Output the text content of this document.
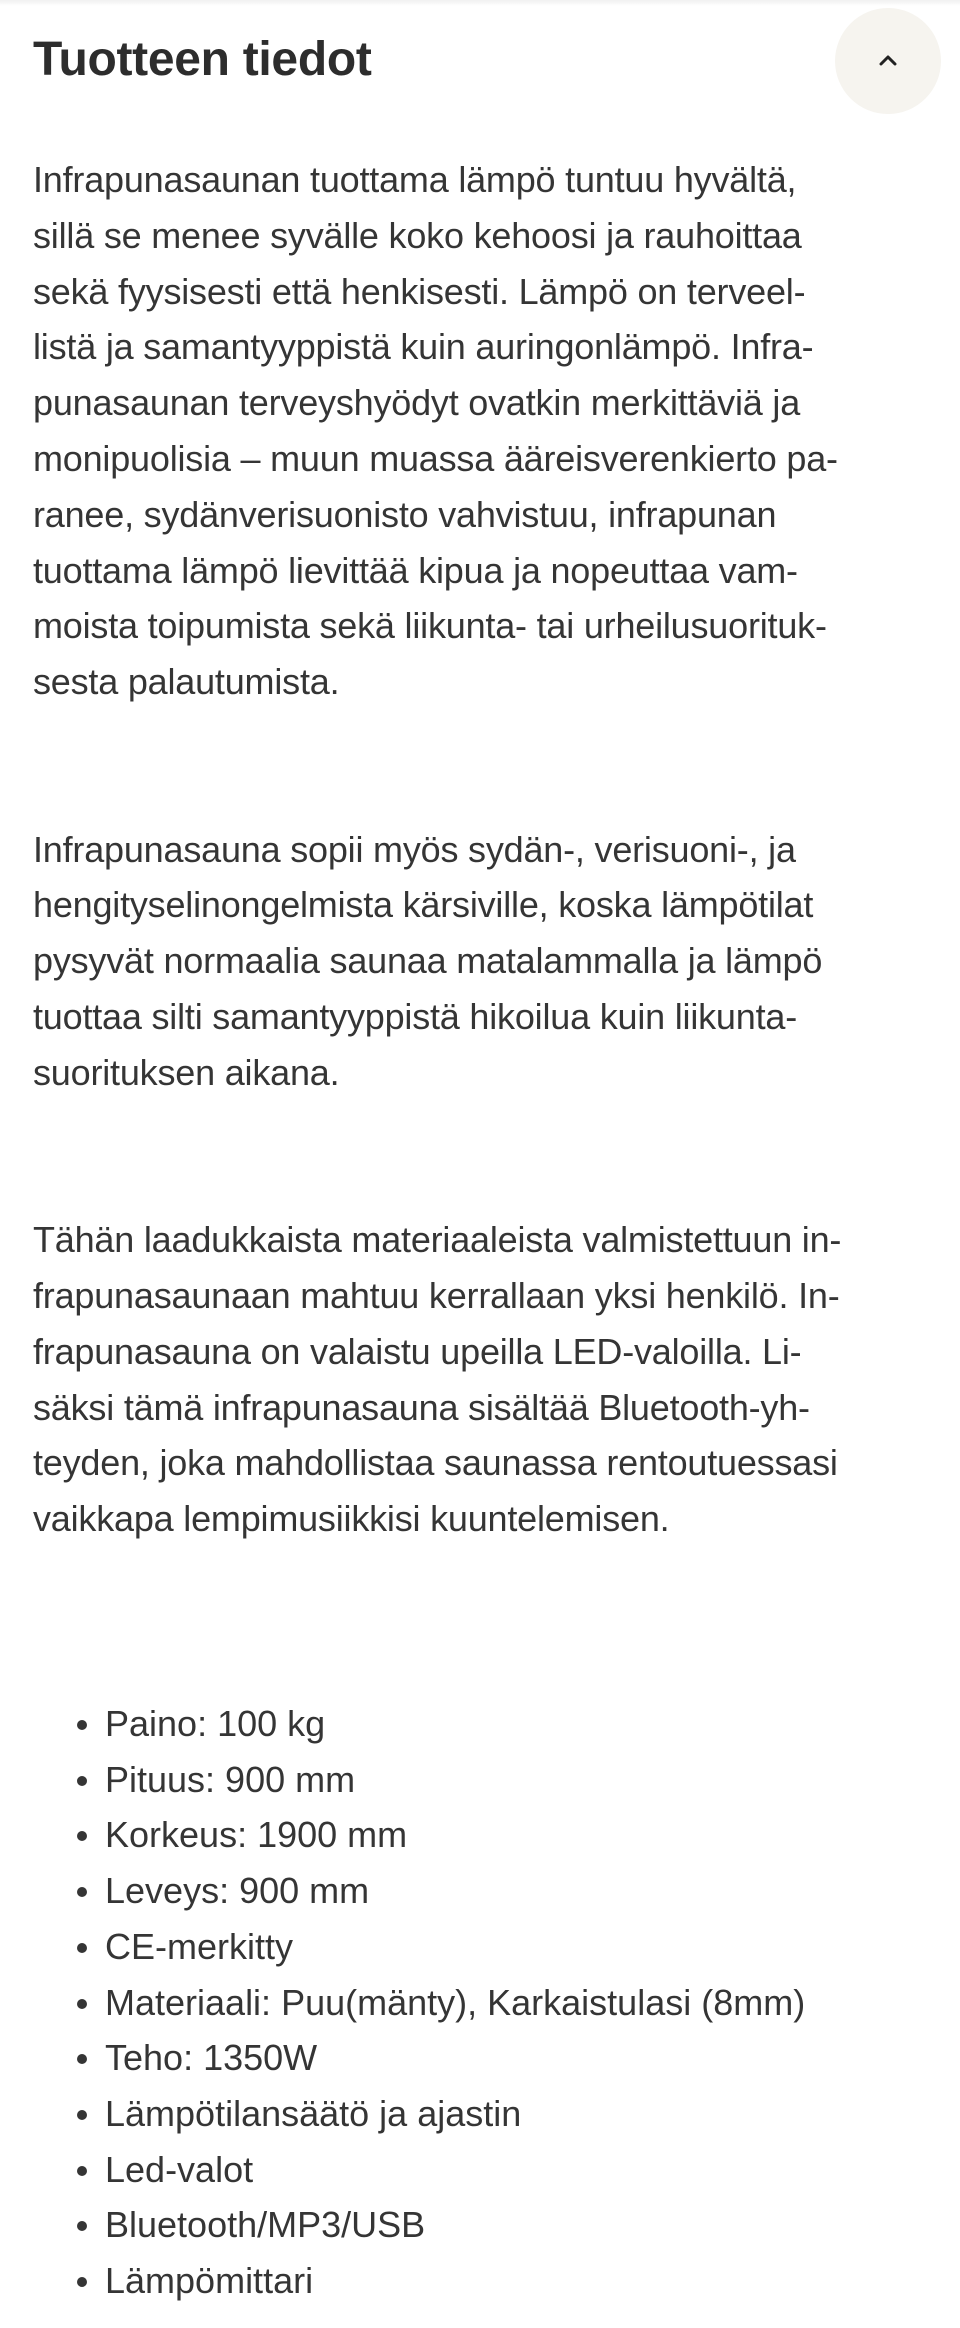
Tuotteen tiedot

Infrapunasaunan tuottama lämpö tuntuu hyvältä,
sillä se menee syvälle koko kehoosi ja rauhoittaa
sekä fyysisesti että henkisesti. Lämpö on terveel-
listä ja samantyyppistä kuin auringonlämpö. Infra-
punasaunan terveyshyödyt ovatkin merkittäviä ja
monipuolisia – muun muassa ääreisverenkierto pa-
ranee, sydänverisuonisto vahvistuu, infrapunan
tuottama lämpö lievittää kipua ja nopeuttaa vam-
moista toipumista sekä liikunta- tai urheilusuorituk-
sesta palautumista.

Infrapunasauna sopii myös sydän-, verisuoni-, ja
hengityselinongelmista kärsiville, koska lämpötilat
pysyvät normaalia saunaa matalammalla ja lämpö
tuottaa silti samantyyppistä hikoilua kuin liikunta-
suorituksen aikana.

Tähän laadukkaista materiaaleista valmistettuun in-
frapunasaunaan mahtuu kerrallaan yksi henkilö. In-
frapunasauna on valaistu upeilla LED-valoilla. Li-
säksi tämä infrapunasauna sisältää Bluetooth-yh-
teyden, joka mahdollistaa saunassa rentoutuessasi
vaikkapa lempimusiikkisi kuuntelemisen.

Paino: 100 kg
Pituus: 900 mm
Korkeus: 1900 mm
Leveys: 900 mm
CE-merkitty
Materiaali: Puu(mänty), Karkaistulasi (8mm)
Teho: 1350W
Lämpötilansäätö ja ajastin
Led-valot
Bluetooth/MP3/USB
Lämpömittari
